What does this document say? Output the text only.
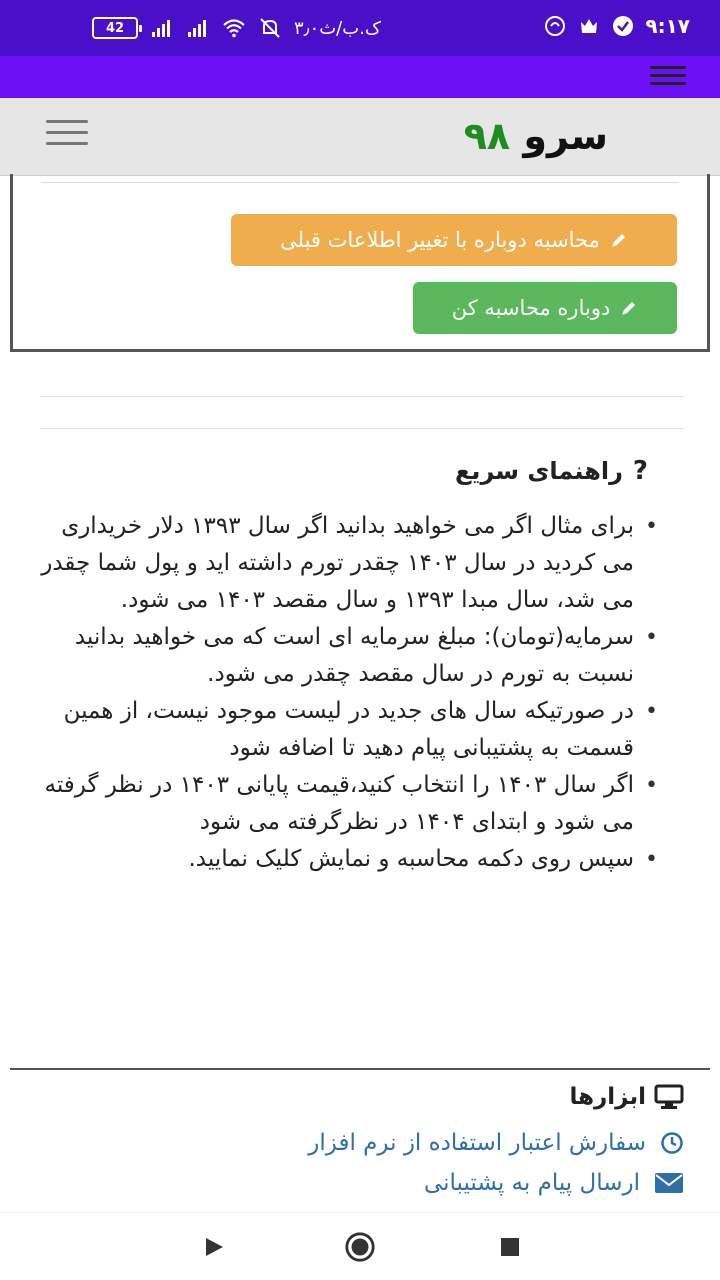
42	۳٫۰ک.ب/ث	۹:۱۷
سرو ۹۸
محاسبه دوباره با تغییر اطلاعات قبلی
دوباره محاسبه کن
?
راهنمای سریع
• برای مثال اگر می خواهید بدانید اگر سال ۱۳۹۳ دلار خریداری می کردید در سال ۱۴۰۳ چقدر تورم داشته اید و پول شما چقدر می شد، سال مبدا ۱۳۹۳ و سال مقصد ۱۴۰۳ می شود.
• سرمایه(تومان): مبلغ سرمایه ای است که می خواهید بدانید نسبت به تورم در سال مقصد چقدر می شود.
• در صورتیکه سال های جدید در لیست موجود نیست، از همین قسمت به پشتیبانی پیام دهید تا اضافه شود
• اگر سال ۱۴۰۳ را انتخاب کنید،قیمت پایانی ۱۴۰۳ در نظر گرفته می شود و ابتدای ۱۴۰۴ در نظرگرفته می شود
• سپس روی دکمه محاسبه و نمایش کلیک نمایید.
ابزارها
سفارش اعتبار استفاده از نرم افزار
ارسال پیام به پشتیبانی
